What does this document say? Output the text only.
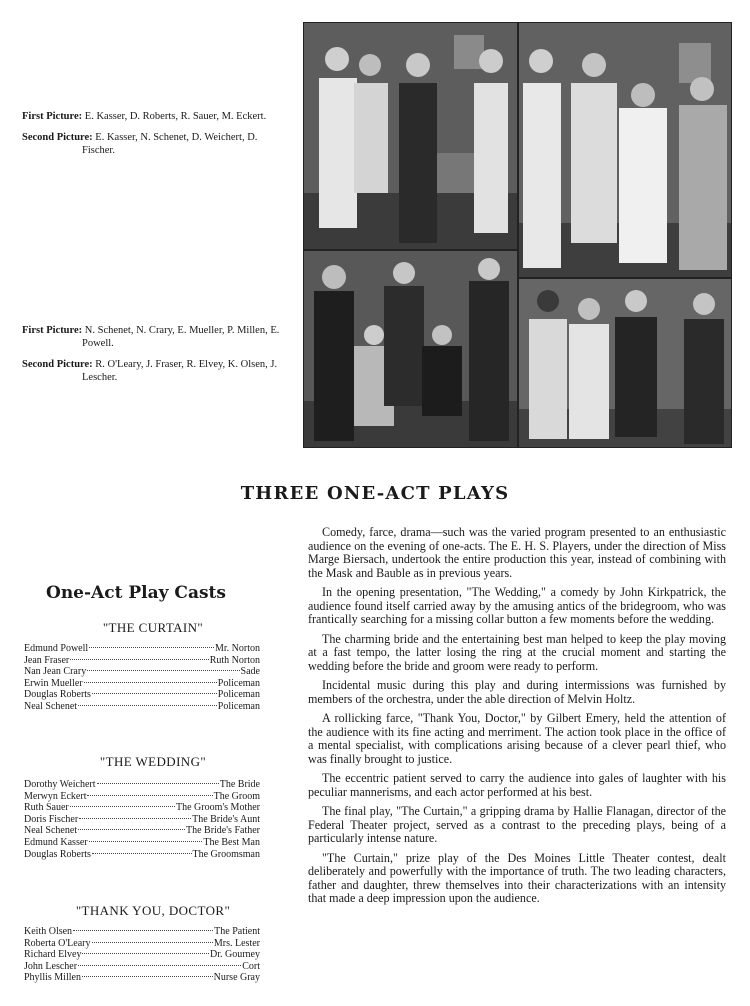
First Picture: E. Kasser, D. Roberts, R. Sauer, M. Eckert.

Second Picture: E. Kasser, N. Schenet, D. Weichert, D. Fischer.

First Picture: N. Schenet, N. Crary, E. Mueller, P. Millen, E. Powell.

Second Picture: R. O'Leary, J. Fraser, R. Elvey, K. Olsen, J. Lescher.

THREE ONE-ACT PLAYS
One-Act Play Casts
"THE CURTAIN"
Edmund Powell	Mr. Norton
Jean Fraser	Ruth Norton
Nan Jean Crary	Sade
Erwin Mueller	Policeman
Douglas Roberts	Policeman
Neal Schenet	Policeman
"THE WEDDING"
Dorothy Weichert	The Bride
Merwyn Eckert	The Groom
Ruth Sauer	The Groom's Mother
Doris Fischer	The Bride's Aunt
Neal Schenet	The Bride's Father
Edmund Kasser	The Best Man
Douglas Roberts	The Groomsman
"THANK YOU, DOCTOR"
Keith Olsen	The Patient
Roberta O'Leary	Mrs. Lester
Richard Elvey	Dr. Gourney
John Lescher	Cort
Phyllis Millen	Nurse Gray

Comedy, farce, drama—such was the varied program presented to an enthusiastic audience on the evening of one-acts. The E. H. S. Players, under the direction of Miss Marge Biersach, undertook the entire production this year, instead of combining with the Mask and Bauble as in previous years.

In the opening presentation, "The Wedding," a comedy by John Kirkpatrick, the audience found itself carried away by the amusing antics of the bridegroom, who was frantically searching for a missing collar button a few moments before the wedding.

The charming bride and the entertaining best man helped to keep the play moving at a fast tempo, the latter losing the ring at the crucial moment and starting the wedding before the bride and groom were ready to perform.

Incidental music during this play and during intermissions was furnished by members of the orchestra, under the able direction of Melvin Holtz.

A rollicking farce, "Thank You, Doctor," by Gilbert Emery, held the attention of the audience with its fine acting and merriment. The action took place in the office of a mental specialist, with complications arising because of a clever pearl thief, who was finally brought to justice.

The eccentric patient served to carry the audience into gales of laughter with his peculiar mannerisms, and each actor performed at his best.

The final play, "The Curtain," a gripping drama by Hallie Flanagan, director of the Federal Theater project, served as a contrast to the preceding plays, being of a particularly intense nature.

"The Curtain," prize play of the Des Moines Little Theater contest, dealt deliberately and powerfully with the importance of truth. The two leading characters, father and daughter, threw themselves into their characterizations with an intensity that made a deep impression upon the audience.
